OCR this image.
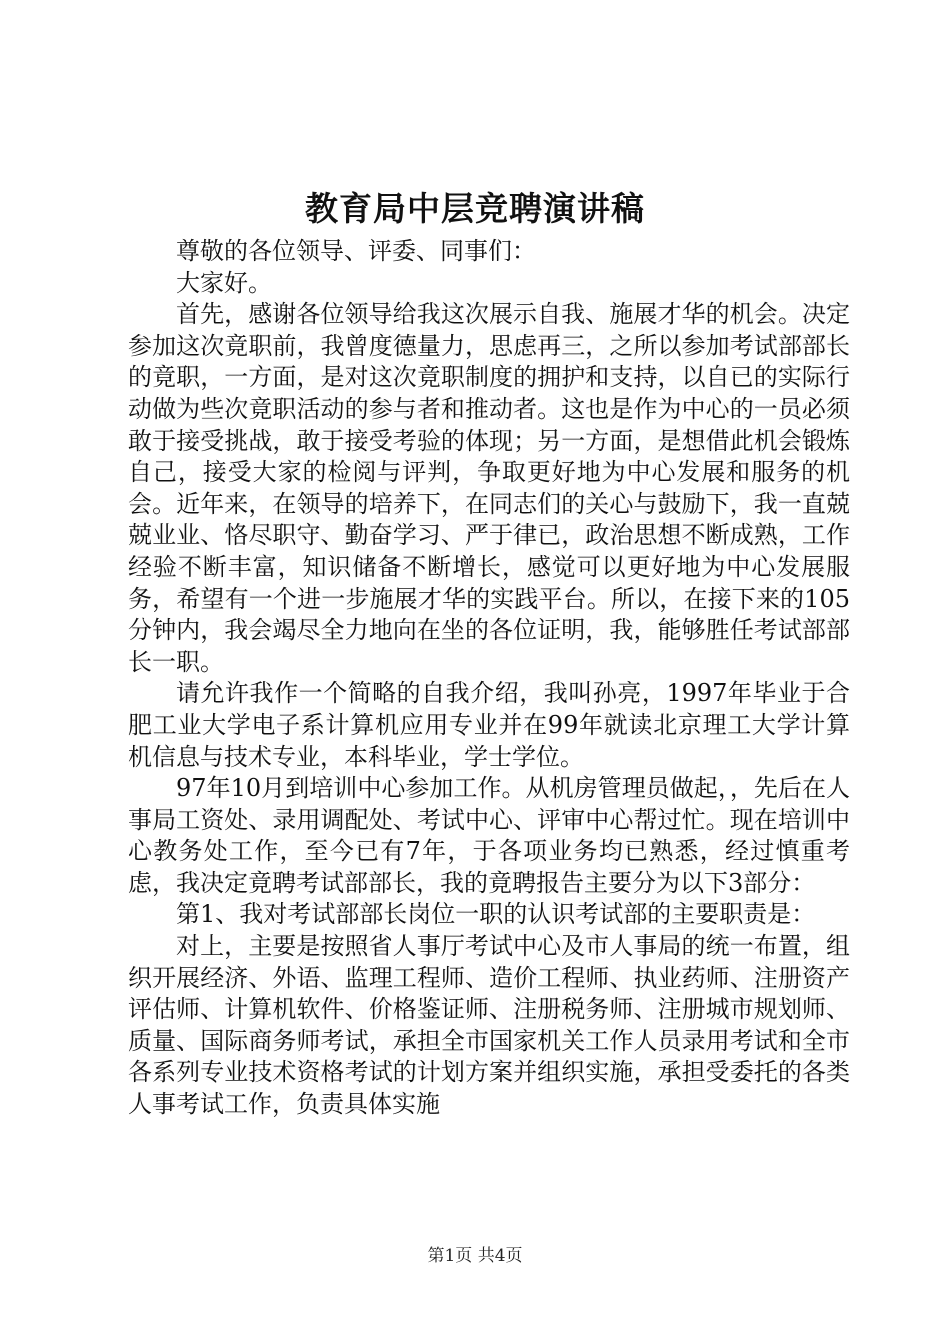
教育局中层竞聘演讲稿

尊敬的各位领导、评委、同事们：

大家好。

首先，感谢各位领导给我这次展示自我、施展才华的机会。决定参加这次竟职前，我曾度德量力，思虑再三，之所以参加考试部部长的竟职，一方面，是对这次竟职制度的拥护和支持，以自已的实际行动做为些次竟职活动的参与者和推动者。这也是作为中心的一员必须敢于接受挑战，敢于接受考验的体现；另一方面，是想借此机会锻炼自己，接受大家的检阅与评判，争取更好地为中心发展和服务的机会。近年来，在领导的培养下，在同志们的关心与鼓励下，我一直兢兢业业、恪尽职守、勤奋学习、严于律已，政治思想不断成熟，工作经验不断丰富，知识储备不断增长，感觉可以更好地为中心发展服务，希望有一个进一步施展才华的实践平台。所以，在接下来的105分钟内，我会竭尽全力地向在坐的各位证明，我，能够胜任考试部部长一职。

请允许我作一个简略的自我介绍，我叫孙亮，1997年毕业于合肥工业大学电子系计算机应用专业并在99年就读北京理工大学计算机信息与技术专业，本科毕业，学士学位。

97年10月到培训中心参加工作。从机房管理员做起，，先后在人事局工资处、录用调配处、考试中心、评审中心帮过忙。现在培训中心教务处工作，至今已有7年，于各项业务均已熟悉，经过慎重考虑，我决定竟聘考试部部长，我的竟聘报告主要分为以下3部分：

第1、我对考试部部长岗位一职的认识考试部的主要职责是：

对上，主要是按照省人事厅考试中心及市人事局的统一布置，组织开展经济、外语、监理工程师、造价工程师、执业药师、注册资产评估师、计算机软件、价格鉴证师、注册税务师、注册城市规划师、质量、国际商务师考试，承担全市国家机关工作人员录用考试和全市各系列专业技术资格考试的计划方案并组织实施，承担受委托的各类人事考试工作，负责具体实施

第1页 共4页
